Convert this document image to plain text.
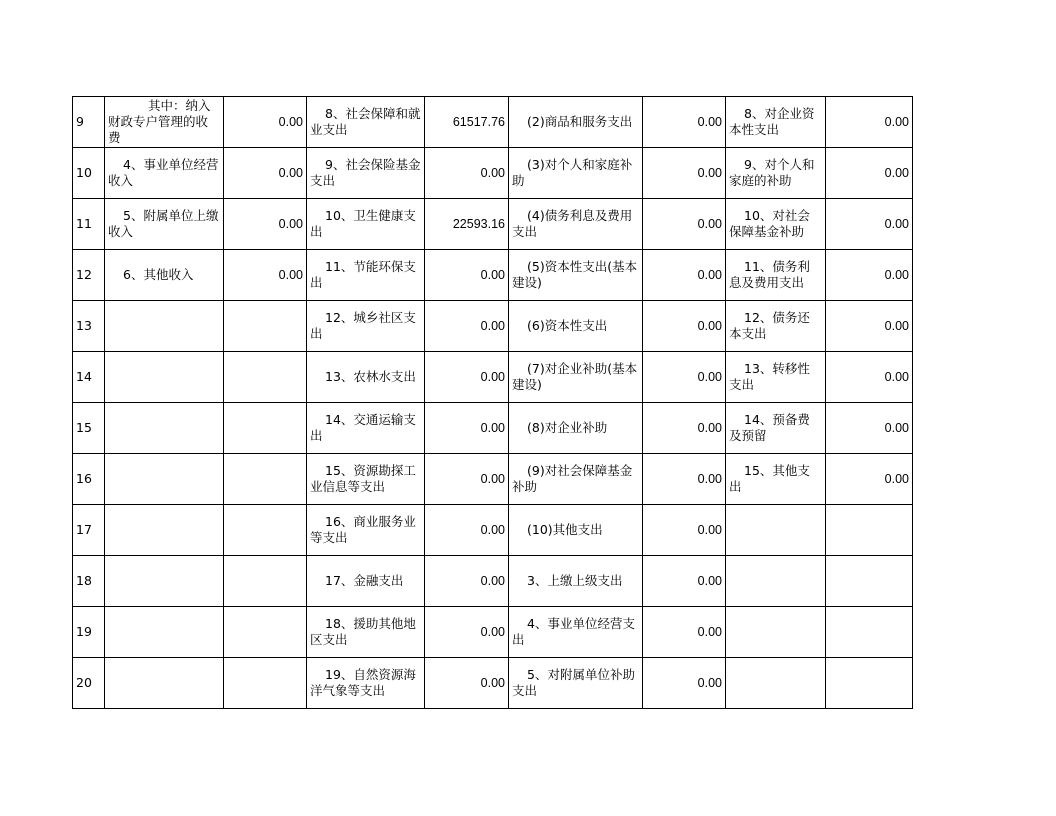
9	其中：纳入财政专户管理的收费	0.00	8、社会保障和就业支出	61517.76	(2)商品和服务支出	0.00	8、对企业资本性支出	0.00
10	4、事业单位经营收入	0.00	9、社会保险基金支出	0.00	(3)对个人和家庭补助	0.00	9、对个人和家庭的补助	0.00
11	5、附属单位上缴收入	0.00	10、卫生健康支出	22593.16	(4)债务利息及费用支出	0.00	10、对社会保障基金补助	0.00
12	6、其他收入	0.00	11、节能环保支出	0.00	(5)资本性支出(基本建设)	0.00	11、债务利息及费用支出	0.00
13			12、城乡社区支出	0.00	(6)资本性支出	0.00	12、债务还本支出	0.00
14			13、农林水支出	0.00	(7)对企业补助(基本建设)	0.00	13、转移性支出	0.00
15			14、交通运输支出	0.00	(8)对企业补助	0.00	14、预备费及预留	0.00
16			15、资源勘探工业信息等支出	0.00	(9)对社会保障基金补助	0.00	15、其他支出	0.00
17			16、商业服务业等支出	0.00	(10)其他支出	0.00		
18			17、金融支出	0.00	3、上缴上级支出	0.00		
19			18、援助其他地区支出	0.00	4、事业单位经营支出	0.00		
20			19、自然资源海洋气象等支出	0.00	5、对附属单位补助支出	0.00		
